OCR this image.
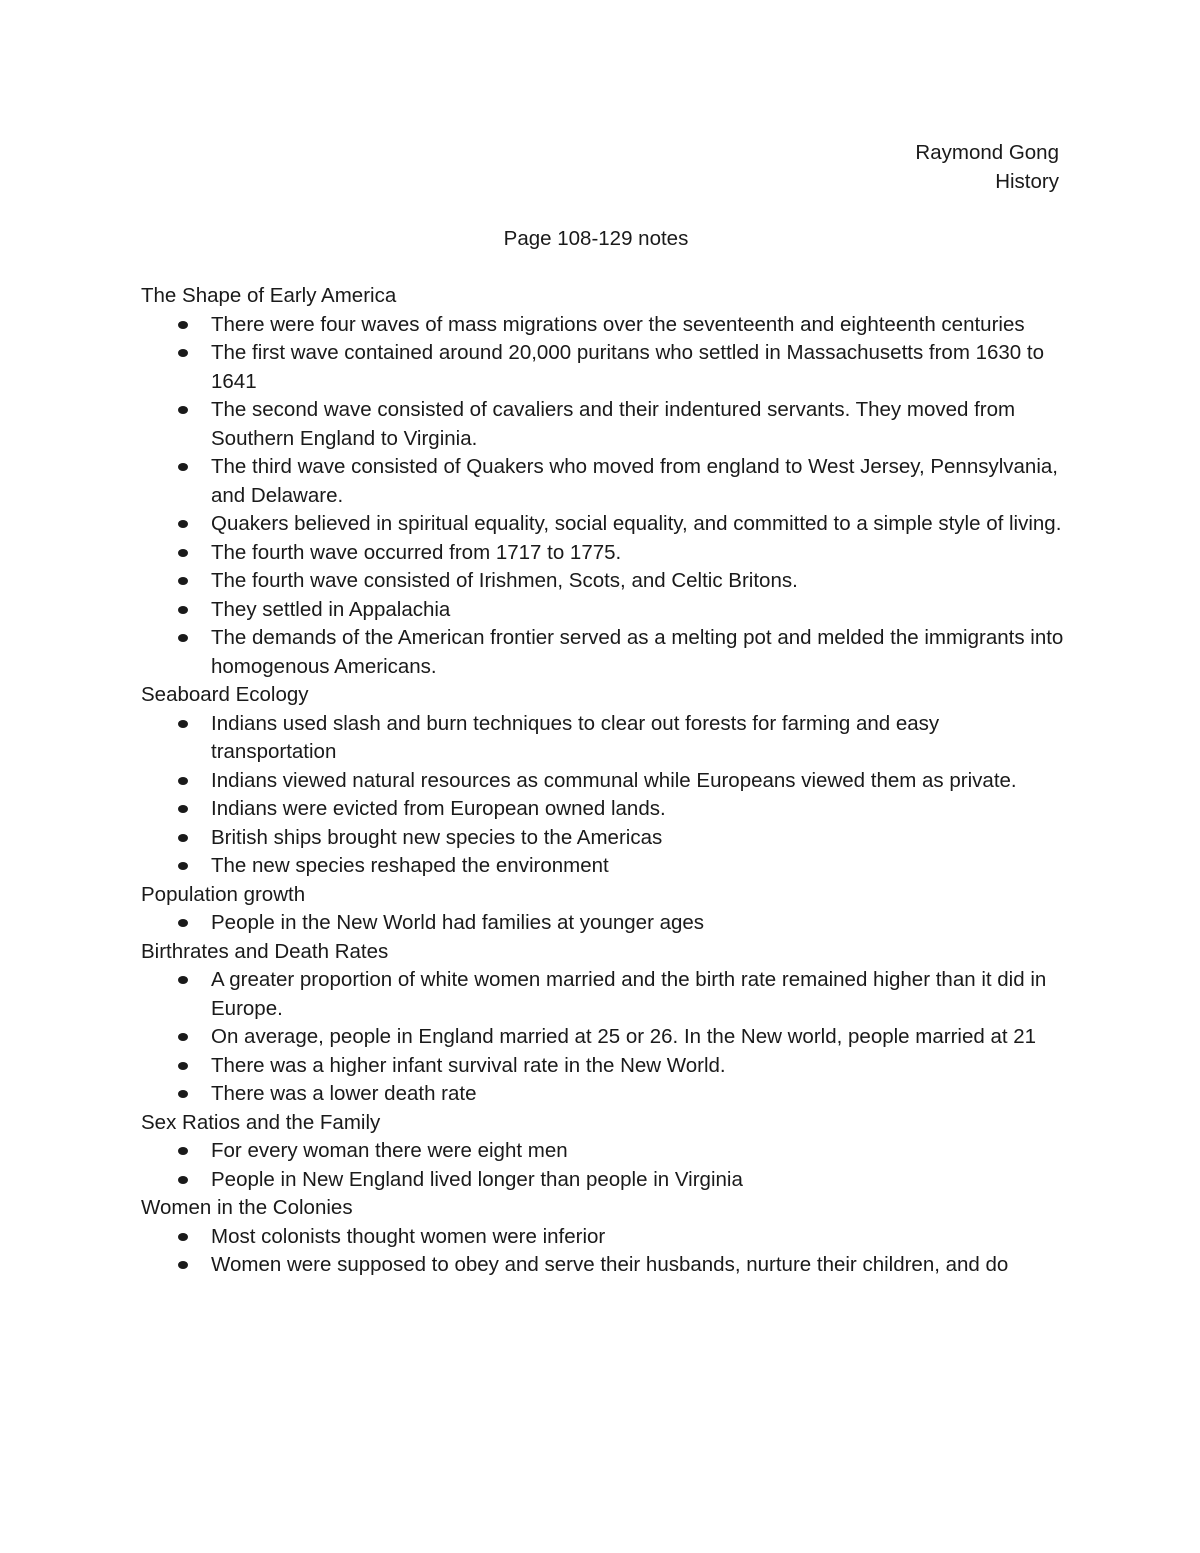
Raymond Gong
History
Page 108-129 notes
The Shape of Early America
There were four waves of mass migrations over the seventeenth and eighteenth centuries
The first wave contained around 20,000 puritans who settled in Massachusetts from 1630 to 1641
The second wave consisted of cavaliers and their indentured servants. They moved from Southern England to Virginia.
The third wave consisted of Quakers who moved from england to West Jersey, Pennsylvania, and Delaware.
Quakers believed in spiritual equality, social equality, and committed to a simple style of living.
The fourth wave occurred from 1717 to 1775.
The fourth wave consisted of Irishmen, Scots, and Celtic Britons.
They settled in Appalachia
The demands of the American frontier served as a melting pot and melded the immigrants into homogenous Americans.
Seaboard Ecology
Indians used slash and burn techniques to clear out forests for farming and easy transportation
Indians viewed natural resources as communal while Europeans viewed them as private.
Indians were evicted from European owned lands.
British ships brought new species to the Americas
The new species reshaped the environment
Population growth
People in the New World had families at younger ages
Birthrates and Death Rates
A greater proportion of white women married and the birth rate remained higher than it did in Europe.
On average, people in England married at 25 or 26. In the New world, people married at 21
There was a higher infant survival rate in the New World.
There was a lower death rate
Sex Ratios and the Family
For every woman there were eight men
People in New England lived longer than people in Virginia
Women in the Colonies
Most colonists thought women were inferior
Women were supposed to obey and serve their husbands, nurture their children, and do
